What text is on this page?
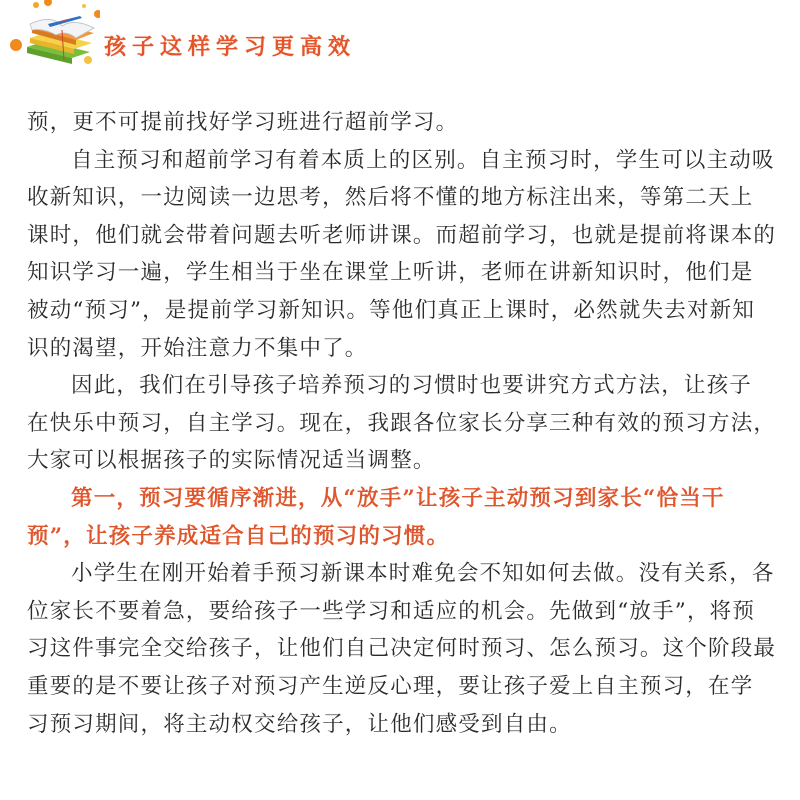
孩子这样学习更高效
预，更不可提前找好学习班进行超前学习。
自主预习和超前学习有着本质上的区别。自主预习时，学生可以主动吸
收新知识，一边阅读一边思考，然后将不懂的地方标注出来，等第二天上
课时，他们就会带着问题去听老师讲课。而超前学习，也就是提前将课本的
知识学习一遍，学生相当于坐在课堂上听讲，老师在讲新知识时，他们是
被动“预习”，是提前学习新知识。等他们真正上课时，必然就失去对新知
识的渴望，开始注意力不集中了。
因此，我们在引导孩子培养预习的习惯时也要讲究方式方法，让孩子
在快乐中预习，自主学习。现在，我跟各位家长分享三种有效的预习方法，
大家可以根据孩子的实际情况适当调整。
第一，预习要循序渐进，从“放手”让孩子主动预习到家长“恰当干
预”，让孩子养成适合自己的预习的习惯。
小学生在刚开始着手预习新课本时难免会不知如何去做。没有关系，各
位家长不要着急，要给孩子一些学习和适应的机会。先做到“放手”，将预
习这件事完全交给孩子，让他们自己决定何时预习、怎么预习。这个阶段最
重要的是不要让孩子对预习产生逆反心理，要让孩子爱上自主预习，在学
习预习期间，将主动权交给孩子，让他们感受到自由。
